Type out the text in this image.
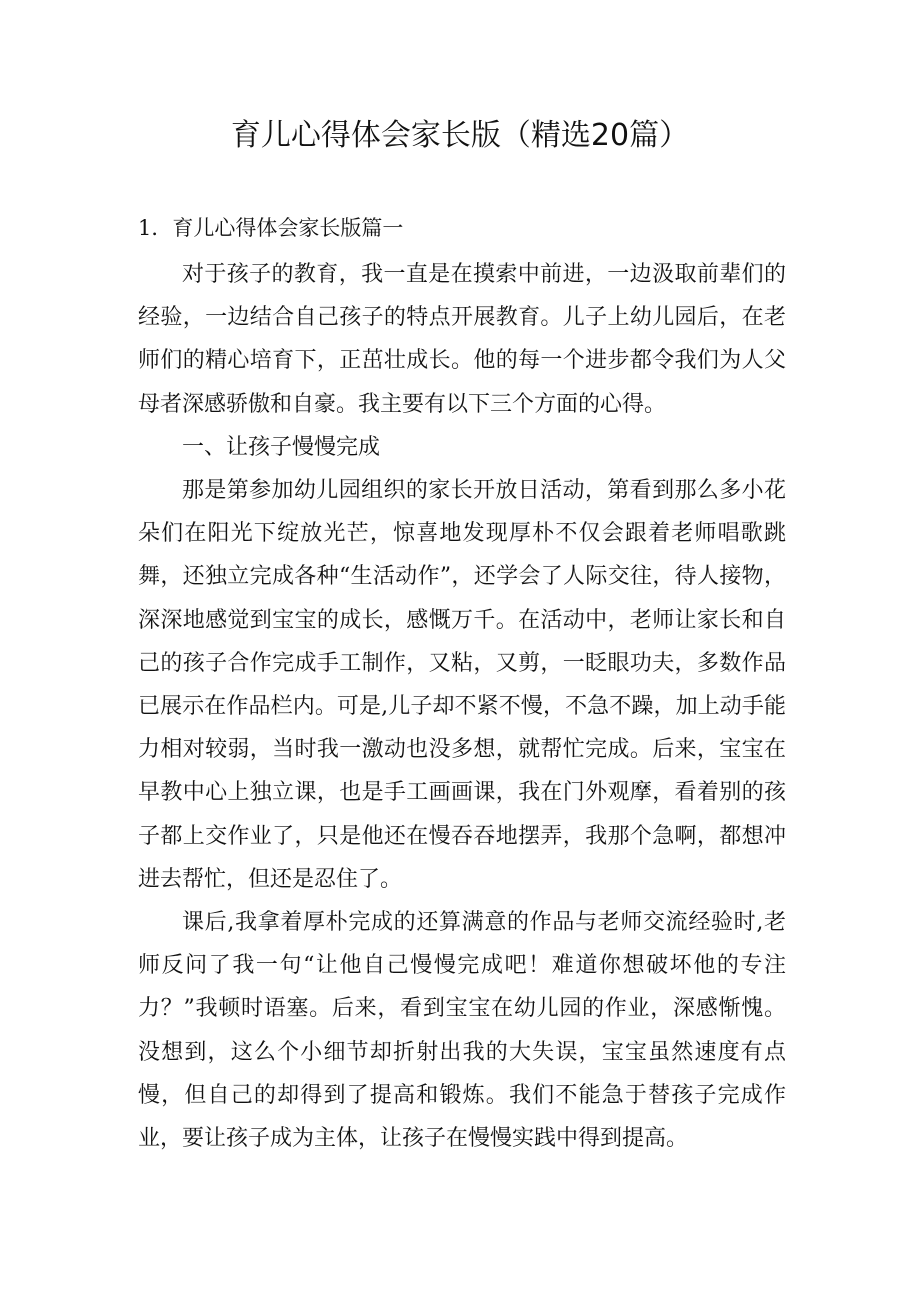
育儿心得体会家长版（精选20篇）
1．育儿心得体会家长版篇一

对于孩子的教育，我一直是在摸索中前进，一边汲取前辈们的经验，一边结合自己孩子的特点开展教育。儿子上幼儿园后，在老师们的精心培育下，正茁壮成长。他的每一个进步都令我们为人父母者深感骄傲和自豪。我主要有以下三个方面的心得。

一、让孩子慢慢完成

那是第参加幼儿园组织的家长开放日活动，第看到那么多小花朵们在阳光下绽放光芒，惊喜地发现厚朴不仅会跟着老师唱歌跳舞，还独立完成各种“生活动作”，还学会了人际交往，待人接物，深深地感觉到宝宝的成长，感慨万千。在活动中，老师让家长和自己的孩子合作完成手工制作，又粘，又剪，一眨眼功夫，多数作品已展示在作品栏内。可是,儿子却不紧不慢，不急不躁，加上动手能力相对较弱，当时我一激动也没多想，就帮忙完成。后来，宝宝在早教中心上独立课，也是手工画画课，我在门外观摩，看着别的孩子都上交作业了，只是他还在慢吞吞地摆弄，我那个急啊，都想冲进去帮忙，但还是忍住了。

课后,我拿着厚朴完成的还算满意的作品与老师交流经验时,老师反问了我一句“让他自己慢慢完成吧！难道你想破坏他的专注力？”我顿时语塞。后来，看到宝宝在幼儿园的作业，深感惭愧。没想到，这么个小细节却折射出我的大失误，宝宝虽然速度有点慢，但自己的却得到了提高和锻炼。我们不能急于替孩子完成作业，要让孩子成为主体，让孩子在慢慢实践中得到提高。
